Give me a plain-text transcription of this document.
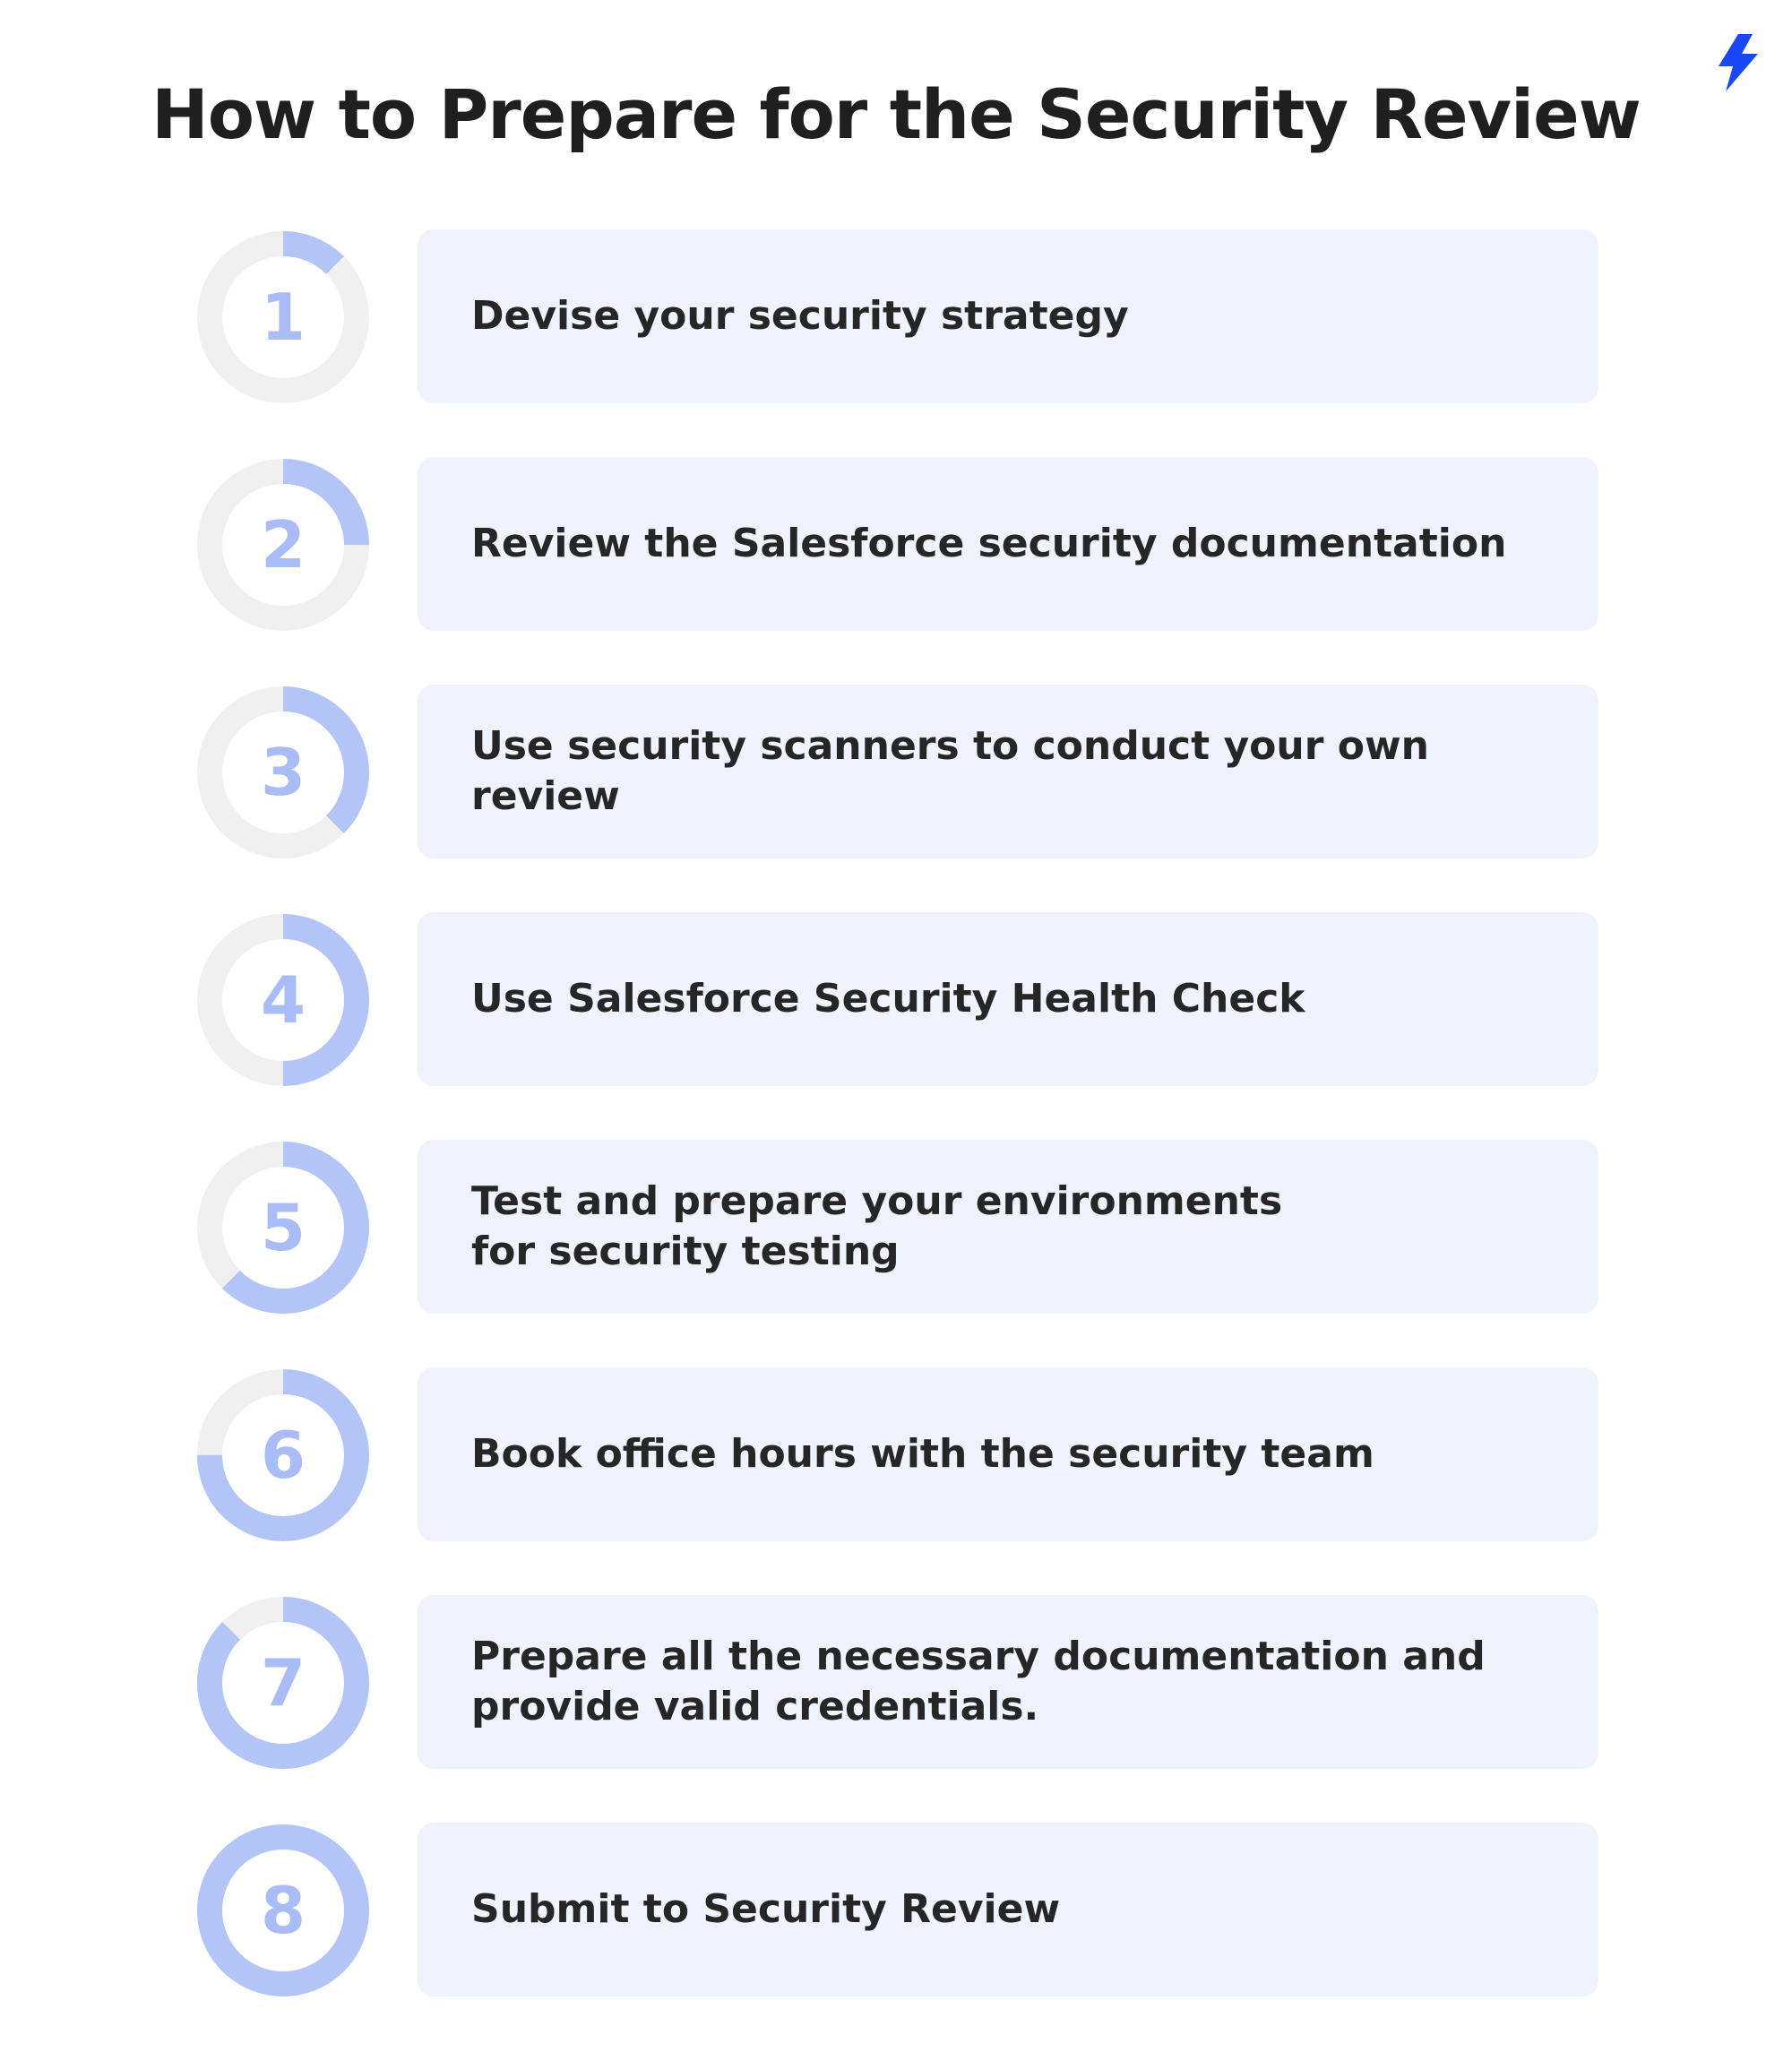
How to Prepare for the Security Review
1	Devise your security strategy
2	Review the Salesforce security documentation
3	Use security scanners to conduct your own review
4	Use Salesforce Security Health Check
5	Test and prepare your environments
for security testing
6	Book office hours with the security team
7	Prepare all the necessary documentation and
provide valid credentials.
8	Submit to Security Review
